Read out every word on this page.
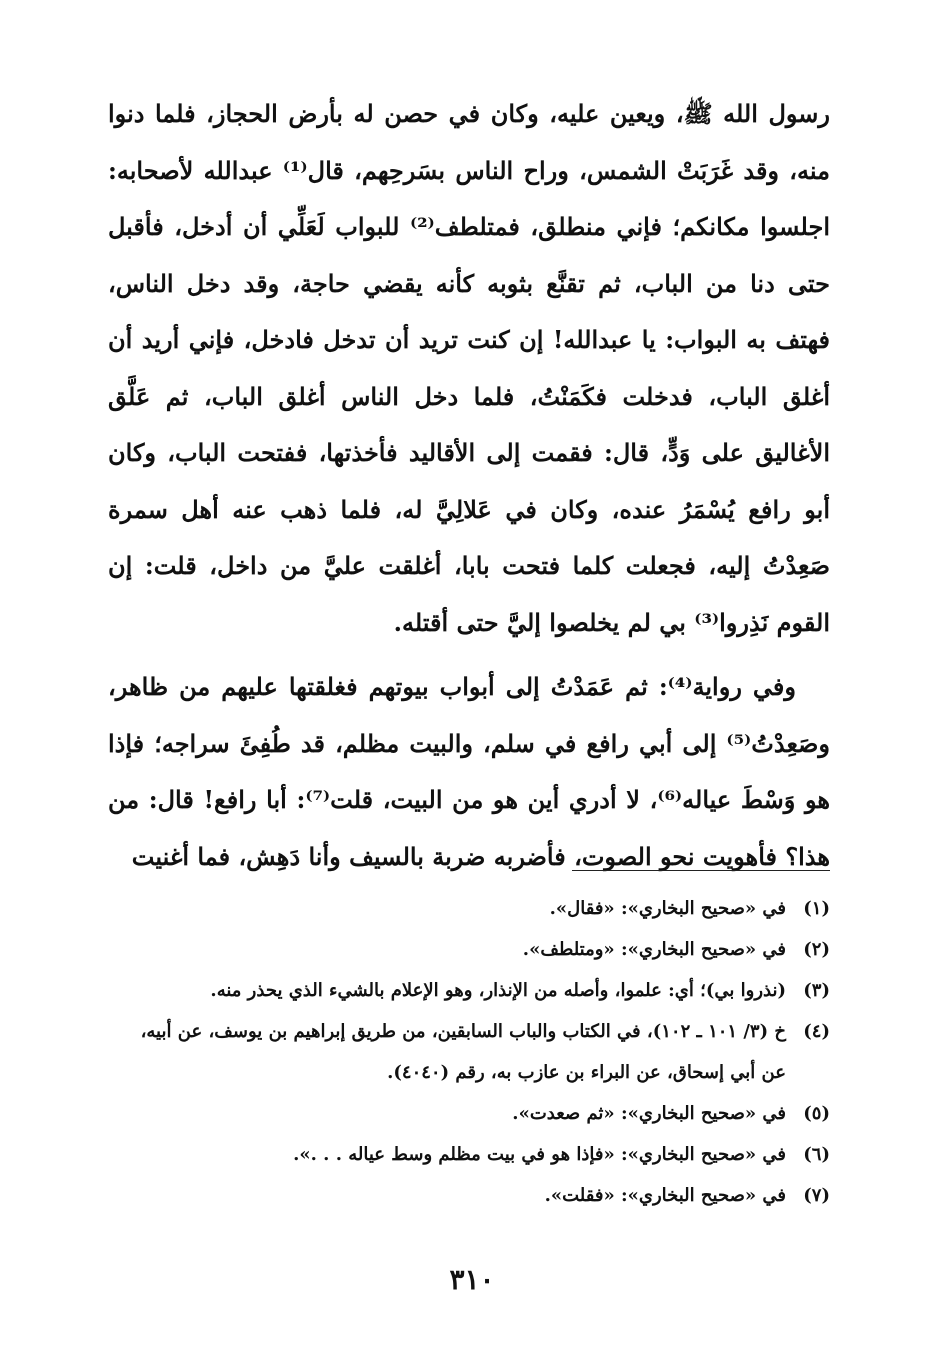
رسول الله ﷺ، ويعين عليه، وكان في حصن له بأرض الحجاز، فلما دنوا منه، وقد غَرَبَتْ الشمس، وراح الناس بسَرحِهم، قال⁽¹⁾ عبدالله لأصحابه: اجلسوا مكانكم؛ فإني منطلق، فمتلطف⁽²⁾ للبواب لَعَلِّي أن أدخل، فأقبل حتى دنا من الباب، ثم تقنَّع بثوبه كأنه يقضي حاجة، وقد دخل الناس، فهتف به البواب: يا عبدالله! إن كنت تريد أن تدخل فادخل، فإني أريد أن أغلق الباب، فدخلت فكَمَنْتُ، فلما دخل الناس أغلق الباب، ثم عَلَّق الأغاليق على وَدٍّ، قال: فقمت إلى الأقاليد فأخذتها، ففتحت الباب، وكان أبو رافع يُسْمَرُ عنده، وكان في عَلالِيَّ له، فلما ذهب عنه أهل سمرة صَعِدْتُ إليه، فجعلت كلما فتحت بابا، أغلقت عليَّ من داخل، قلت: إن القوم نَذِروا⁽³⁾ بي لم يخلصوا إليَّ حتى أقتله.

وفي رواية⁽⁴⁾: ثم عَمَدْتُ إلى أبواب بيوتهم فغلقتها عليهم من ظاهر، وصَعِدْتُ⁽⁵⁾ إلى أبي رافع في سلم، والبيت مظلم، قد طُفِئَ سراجه؛ فإذا هو وَسْطَ عياله⁽⁶⁾، لا أدري أين هو من البيت، قلت⁽⁷⁾: أبا رافع! قال: من هذا؟ فأهويت نحو الصوت، فأضربه ضربة بالسيف وأنا دَهِش، فما أغنيت

(١)
في «صحيح البخاري»: «فقال».
(٢)
في «صحيح البخاري»: «ومتلطف».
(٣)
(نذروا بي)؛ أي: علموا، وأصله من الإنذار، وهو الإعلام بالشيء الذي يحذر منه.
(٤)
خ (٣/ ١٠١ ـ ١٠٢)، في الكتاب والباب السابقين، من طريق إبراهيم بن يوسف، عن أبيه، عن أبي إسحاق، عن البراء بن عازب به، رقم (٤٠٤٠).
(٥)
في «صحيح البخاري»: «ثم صعدت».
(٦)
في «صحيح البخاري»: «فإذا هو في بيت مظلم وسط عياله . . .».
(٧)
في «صحيح البخاري»: «فقلت».
٣١٠
